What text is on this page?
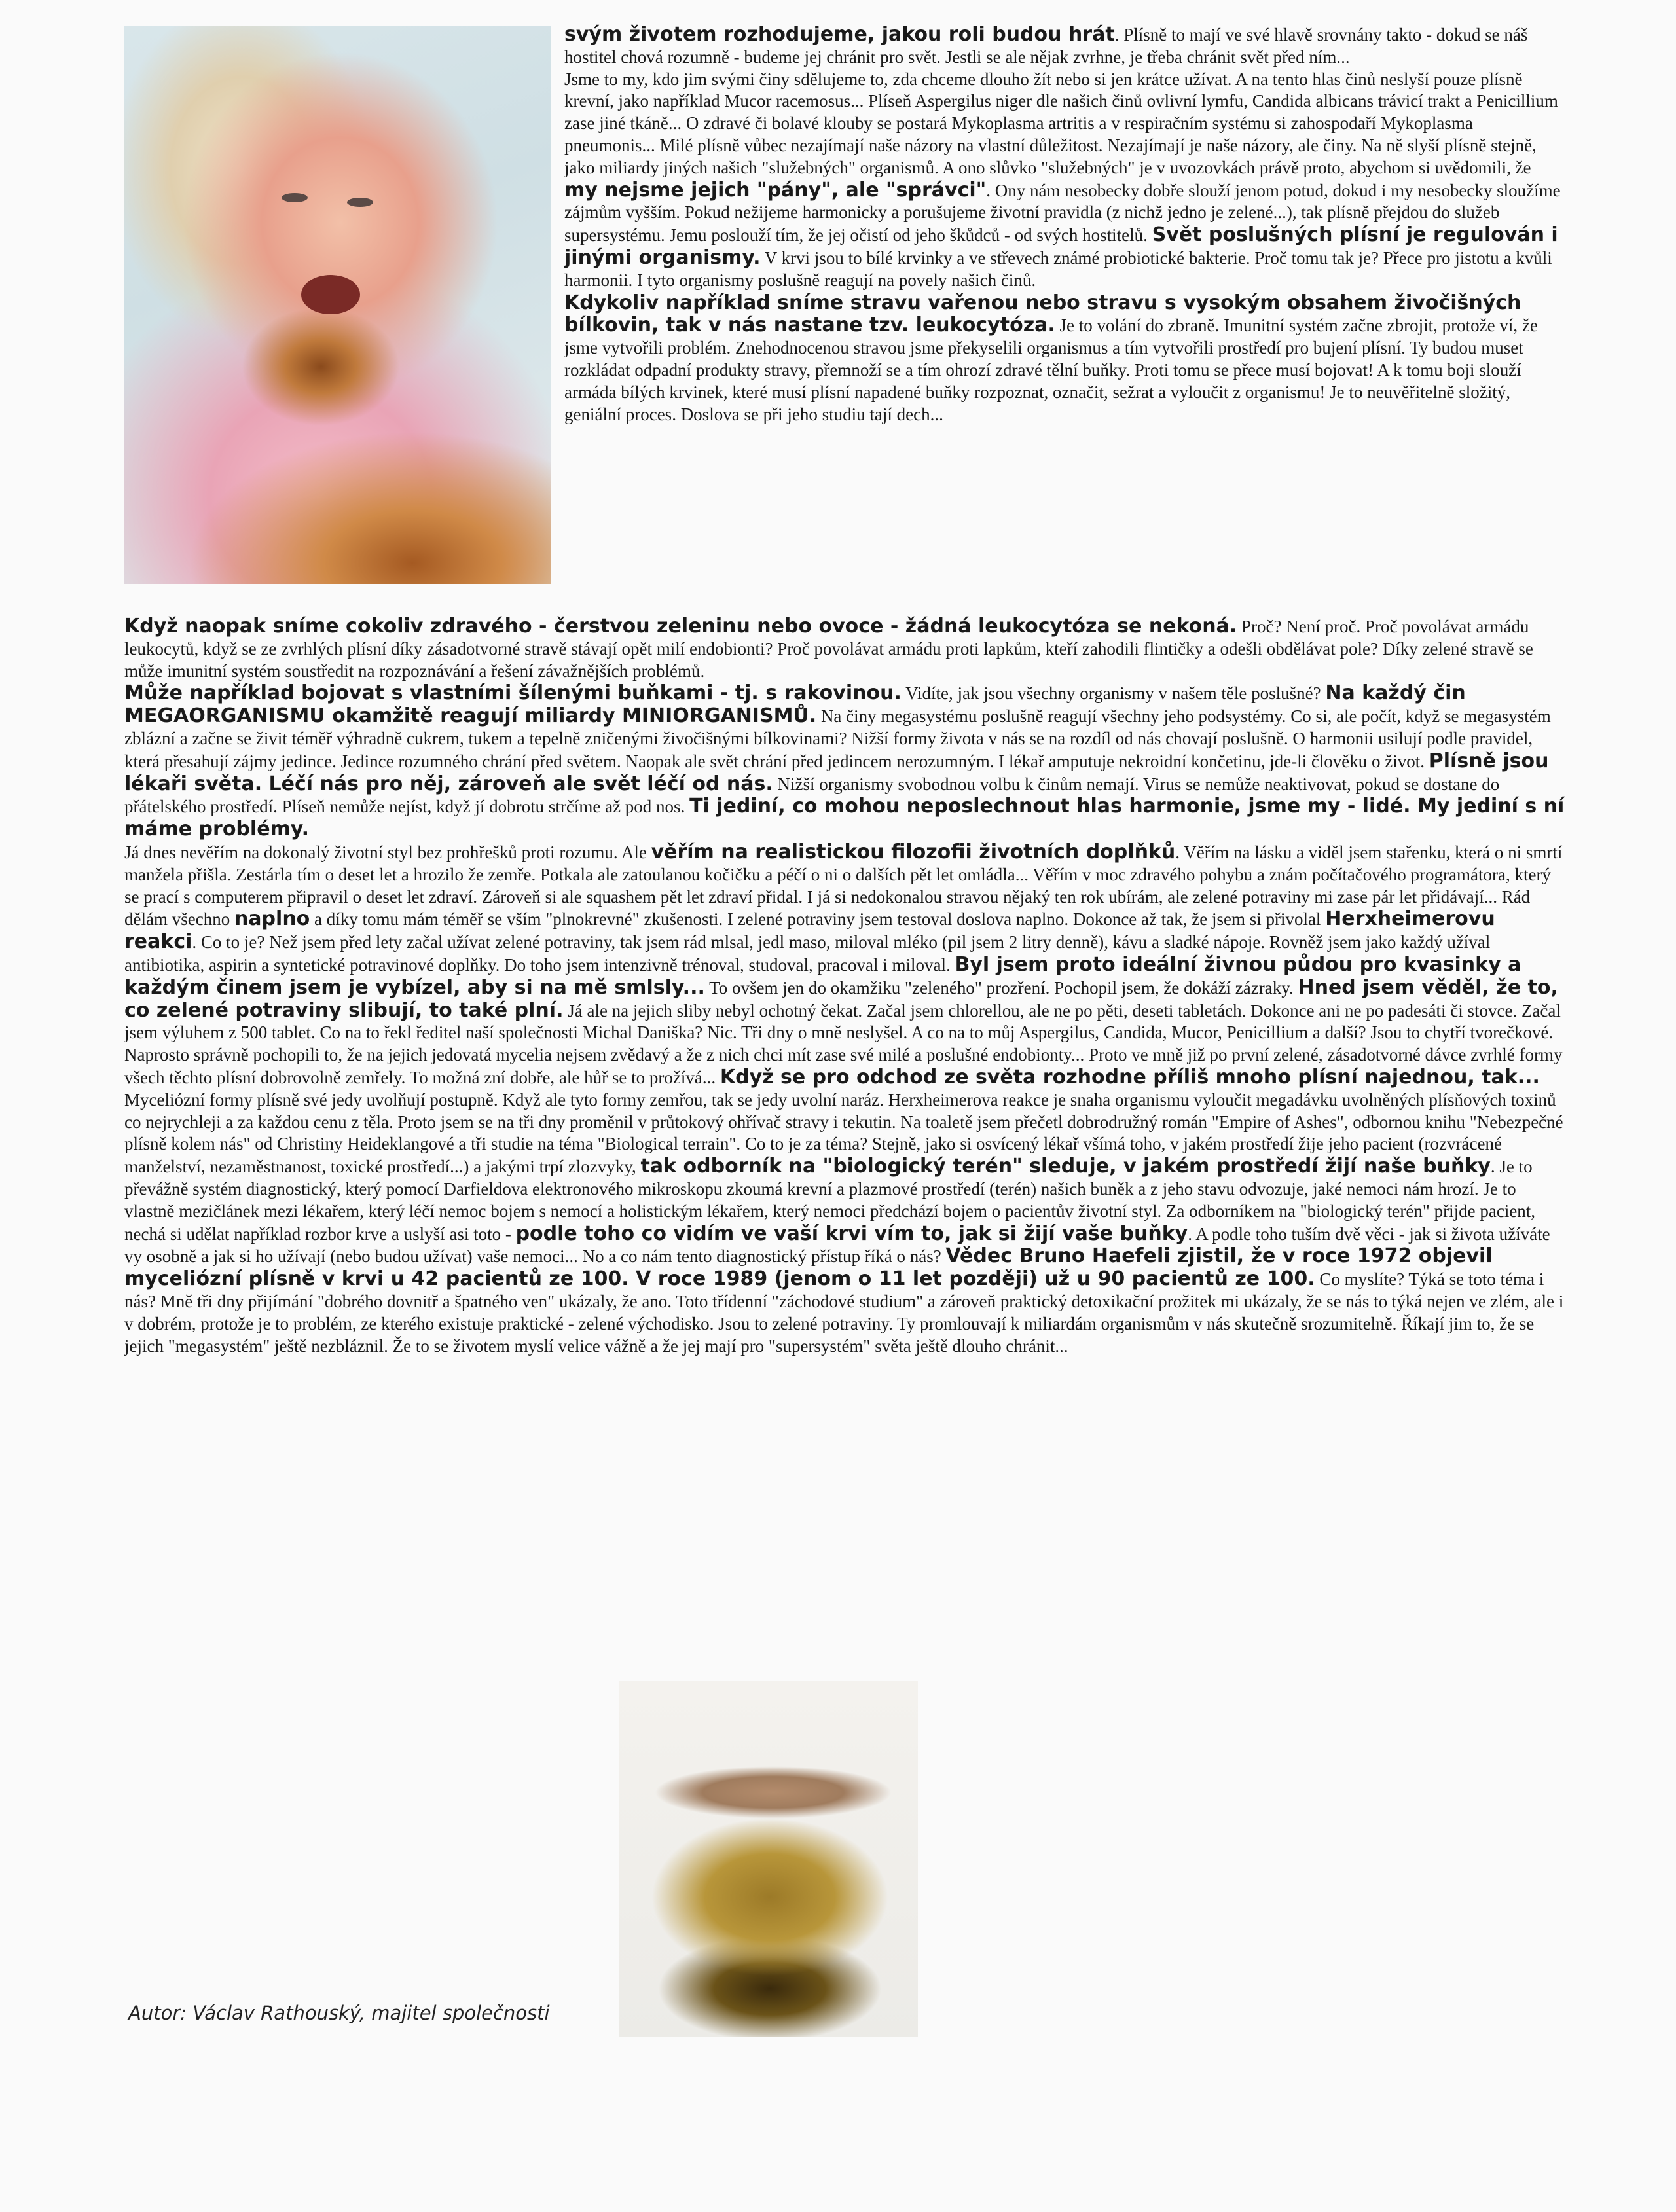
svým životem rozhodujeme, jakou roli budou hrát. Plísně to mají ve své hlavě srovnány takto - dokud se náš hostitel chová rozumně - budeme jej chránit pro svět. Jestli se ale nějak zvrhne, je třeba chránit svět před ním...

Jsme to my, kdo jim svými činy sdělujeme to, zda chceme dlouho žít nebo si jen krátce užívat. A na tento hlas činů neslyší pouze plísně krevní, jako například Mucor racemosus... Plíseň Aspergilus niger dle našich činů ovlivní lymfu, Candida albicans trávicí trakt a Penicillium zase jiné tkáně... O zdravé či bolavé klouby se postará Mykoplasma artritis a v respiračním systému si zahospodaří Mykoplasma pneumonis... Milé plísně vůbec nezajímají naše názory na vlastní důležitost. Nezajímají je naše názory, ale činy. Na ně slyší plísně stejně, jako miliardy jiných našich "služebných" organismů. A ono slůvko "služebných" je v uvozovkách právě proto, abychom si uvědomili, že my nejsme jejich "pány", ale "správci". Ony nám nesobecky dobře slouží jenom potud, dokud i my nesobecky sloužíme zájmům vyšším. Pokud nežijeme harmonicky a porušujeme životní pravidla (z nichž jedno je zelené...), tak plísně přejdou do služeb supersystému. Jemu poslouží tím, že jej očistí od jeho škůdců - od svých hostitelů. Svět poslušných plísní je regulován i jinými organismy. V krvi jsou to bílé krvinky a ve střevech známé probiotické bakterie. Proč tomu tak je? Přece pro jistotu a kvůli harmonii. I tyto organismy poslušně reagují na povely našich činů.

Kdykoliv například sníme stravu vařenou nebo stravu s vysokým obsahem živočišných bílkovin, tak v nás nastane tzv. leukocytóza. Je to volání do zbraně. Imunitní systém začne zbrojit, protože ví, že jsme vytvořili problém. Znehodnocenou stravou jsme překyselili organismus a tím vytvořili prostředí pro bujení plísní. Ty budou muset rozkládat odpadní produkty stravy, přemnoží se a tím ohrozí zdravé tělní buňky. Proti tomu se přece musí bojovat! A k tomu boji slouží armáda bílých krvinek, které musí plísní napadené buňky rozpoznat, označit, sežrat a vyloučit z organismu! Je to neuvěřitelně složitý, geniální proces. Doslova se při jeho studiu tají dech...

Když naopak sníme cokoliv zdravého - čerstvou zeleninu nebo ovoce - žádná leukocytóza se nekoná. Proč? Není proč. Proč povolávat armádu leukocytů, když se ze zvrhlých plísní díky zásadotvorné stravě stávají opět milí endobionti? Proč povolávat armádu proti lapkům, kteří zahodili flintičky a odešli obdělávat pole? Díky zelené stravě se může imunitní systém soustředit na rozpoznávání a řešení závažnějších problémů.

Může například bojovat s vlastními šílenými buňkami - tj. s rakovinou. Vidíte, jak jsou všechny organismy v našem těle poslušné? Na každý čin MEGAORGANISMU okamžitě reagují miliardy MINIORGANISMŮ. Na činy megasystému poslušně reagují všechny jeho podsystémy. Co si, ale počít, když se megasystém zblázní a začne se živit téměř výhradně cukrem, tukem a tepelně zničenými živočišnými bílkovinami? Nižší formy života v nás se na rozdíl od nás chovají poslušně. O harmonii usilují podle pravidel, která přesahují zájmy jedince. Jedince rozumného chrání před světem. Naopak ale svět chrání před jedincem nerozumným. I lékař amputuje nekroidní končetinu, jde-li člověku o život. Plísně jsou lékaři světa. Léčí nás pro něj, zároveň ale svět léčí od nás. Nižší organismy svobodnou volbu k činům nemají. Virus se nemůže neaktivovat, pokud se dostane do přátelského prostředí. Plíseň nemůže nejíst, když jí dobrotu strčíme až pod nos. Ti jediní, co mohou neposlechnout hlas harmonie, jsme my - lidé. My jediní s ní máme problémy.

Já dnes nevěřím na dokonalý životní styl bez prohřešků proti rozumu. Ale věřím na realistickou filozofii životních doplňků. Věřím na lásku a viděl jsem stařenku, která o ni smrtí manžela přišla. Zestárla tím o deset let a hrozilo že zemře. Potkala ale zatoulanou kočičku a péčí o ni o dalších pět let omládla... Věřím v moc zdravého pohybu a znám počítačového programátora, který se prací s computerem připravil o deset let zdraví. Zároveň si ale squashem pět let zdraví přidal. I já si nedokonalou stravou nějaký ten rok ubírám, ale zelené potraviny mi zase pár let přidávají... Rád dělám všechno naplno a díky tomu mám téměř se vším "plnokrevné" zkušenosti. I zelené potraviny jsem testoval doslova naplno. Dokonce až tak, že jsem si přivolal Herxheimerovu reakci. Co to je? Než jsem před lety začal užívat zelené potraviny, tak jsem rád mlsal, jedl maso, miloval mléko (pil jsem 2 litry denně), kávu a sladké nápoje. Rovněž jsem jako každý užíval antibiotika, aspirin a syntetické potravinové doplňky. Do toho jsem intenzivně trénoval, studoval, pracoval i miloval. Byl jsem proto ideální živnou půdou pro kvasinky a každým činem jsem je vybízel, aby si na mě smlsly... To ovšem jen do okamžiku "zeleného" prozření. Pochopil jsem, že dokáží zázraky. Hned jsem věděl, že to, co zelené potraviny slibují, to také plní. Já ale na jejich sliby nebyl ochotný čekat. Začal jsem chlorellou, ale ne po pěti, deseti tabletách. Dokonce ani ne po padesáti či stovce. Začal jsem výluhem z 500 tablet. Co na to řekl ředitel naší společnosti Michal Daniška? Nic. Tři dny o mně neslyšel. A co na to můj Aspergilus, Candida, Mucor, Penicillium a další? Jsou to chytří tvorečkové. Naprosto správně pochopili to, že na jejich jedovatá mycelia nejsem zvědavý a že z nich chci mít zase své milé a poslušné endobionty... Proto ve mně již po první zelené, zásadotvorné dávce zvrhlé formy všech těchto plísní dobrovolně zemřely. To možná zní dobře, ale hůř se to prožívá... Když se pro odchod ze světa rozhodne příliš mnoho plísní najednou, tak... Myceliózní formy plísně své jedy uvolňují postupně. Když ale tyto formy zemřou, tak se jedy uvolní naráz. Herxheimerova reakce je snaha organismu vyloučit megadávku uvolněných plísňových toxinů co nejrychleji a za každou cenu z těla. Proto jsem se na tři dny proměnil v průtokový ohřívač stravy i tekutin. Na toaletě jsem přečetl dobrodružný román "Empire of Ashes", odbornou knihu "Nebezpečné plísně kolem nás" od Christiny Heideklangové a tři studie na téma "Biological terrain". Co to je za téma? Stejně, jako si osvícený lékař všímá toho, v jakém prostředí žije jeho pacient (rozvrácené manželství, nezaměstnanost, toxické prostředí...) a jakými trpí zlozvyky, tak odborník na "biologický terén" sleduje, v jakém prostředí žijí naše buňky. Je to převážně systém diagnostický, který pomocí Darfieldova elektronového mikroskopu zkoumá krevní a plazmové prostředí (terén) našich buněk a z jeho stavu odvozuje, jaké nemoci nám hrozí. Je to vlastně mezičlánek mezi lékařem, který léčí nemoc bojem s nemocí a holistickým lékařem, který nemoci předchází bojem o pacientův životní styl. Za odborníkem na "biologický terén" přijde pacient, nechá si udělat například rozbor krve a uslyší asi toto - podle toho co vidím ve vaší krvi vím to, jak si žijí vaše buňky. A podle toho tuším dvě věci - jak si života užíváte vy osobně a jak si ho užívají (nebo budou užívat) vaše nemoci... No a co nám tento diagnostický přístup říká o nás? Vědec Bruno Haefeli zjistil, že v roce 1972 objevil myceliózní plísně v krvi u 42 pacientů ze 100. V roce 1989 (jenom o 11 let později) už u 90 pacientů ze 100. Co myslíte? Týká se toto téma i nás? Mně tři dny přijímání "dobrého dovnitř a špatného ven" ukázaly, že ano. Toto třídenní "záchodové studium" a zároveň praktický detoxikační prožitek mi ukázaly, že se nás to týká nejen ve zlém, ale i v dobrém, protože je to problém, ze kterého existuje praktické - zelené východisko. Jsou to zelené potraviny. Ty promlouvají k miliardám organismům v nás skutečně srozumitelně. Říkají jim to, že se jejich "megasystém" ještě nezbláznil. Že to se životem myslí velice vážně a že jej mají pro "supersystém" světa ještě dlouho chránit...

Autor: Václav Rathouský, majitel společnosti
